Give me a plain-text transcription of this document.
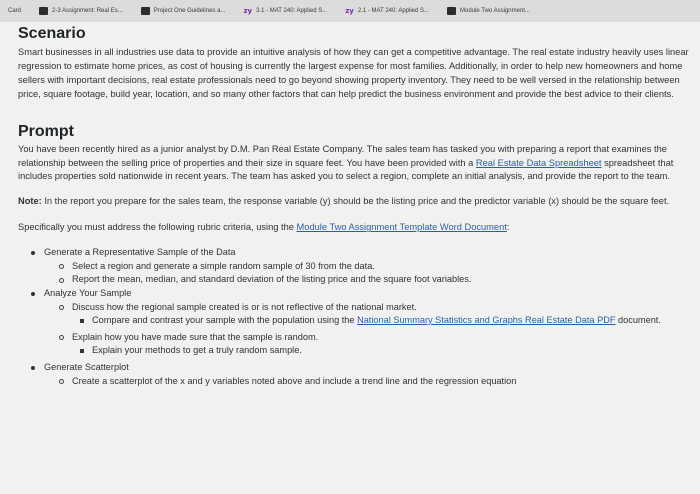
Card	2-3 Assignment: Real Es...	Project One Guidelines a...	zy 3.1 - MAT 240: Applied S...	zy 2.1 - MAT 240: Applied S...	Module Two Assignment...
Scenario

Smart businesses in all industries use data to provide an intuitive analysis of how they can get a competitive advantage. The real estate industry heavily uses linear regression to estimate home prices, as cost of housing is currently the largest expense for most families. Additionally, in order to help new homeowners and home sellers with important decisions, real estate professionals need to go beyond showing property inventory. They need to be well versed in the relationship between price, square footage, build year, location, and so many other factors that can help predict the business environment and provide the best advice to their clients.

Prompt

You have been recently hired as a junior analyst by D.M. Pan Real Estate Company. The sales team has tasked you with preparing a report that examines the relationship between the selling price of properties and their size in square feet. You have been provided with a Real Estate Data Spreadsheet spreadsheet that includes properties sold nationwide in recent years. The team has asked you to select a region, complete an initial analysis, and provide the report to the team.

Note: In the report you prepare for the sales team, the response variable (y) should be the listing price and the predictor variable (x) should be the square feet.

Specifically you must address the following rubric criteria, using the Module Two Assignment Template Word Document:

Generate a Representative Sample of the Data
Select a region and generate a simple random sample of 30 from the data.
Report the mean, median, and standard deviation of the listing price and the square foot variables.
Analyze Your Sample
Discuss how the regional sample created is or is not reflective of the national market.
Compare and contrast your sample with the population using the National Summary Statistics and Graphs Real Estate Data PDF document.
Explain how you have made sure that the sample is random.
Explain your methods to get a truly random sample.
Generate Scatterplot
Create a scatterplot of the x and y variables noted above and include a trend line and the regression equation
